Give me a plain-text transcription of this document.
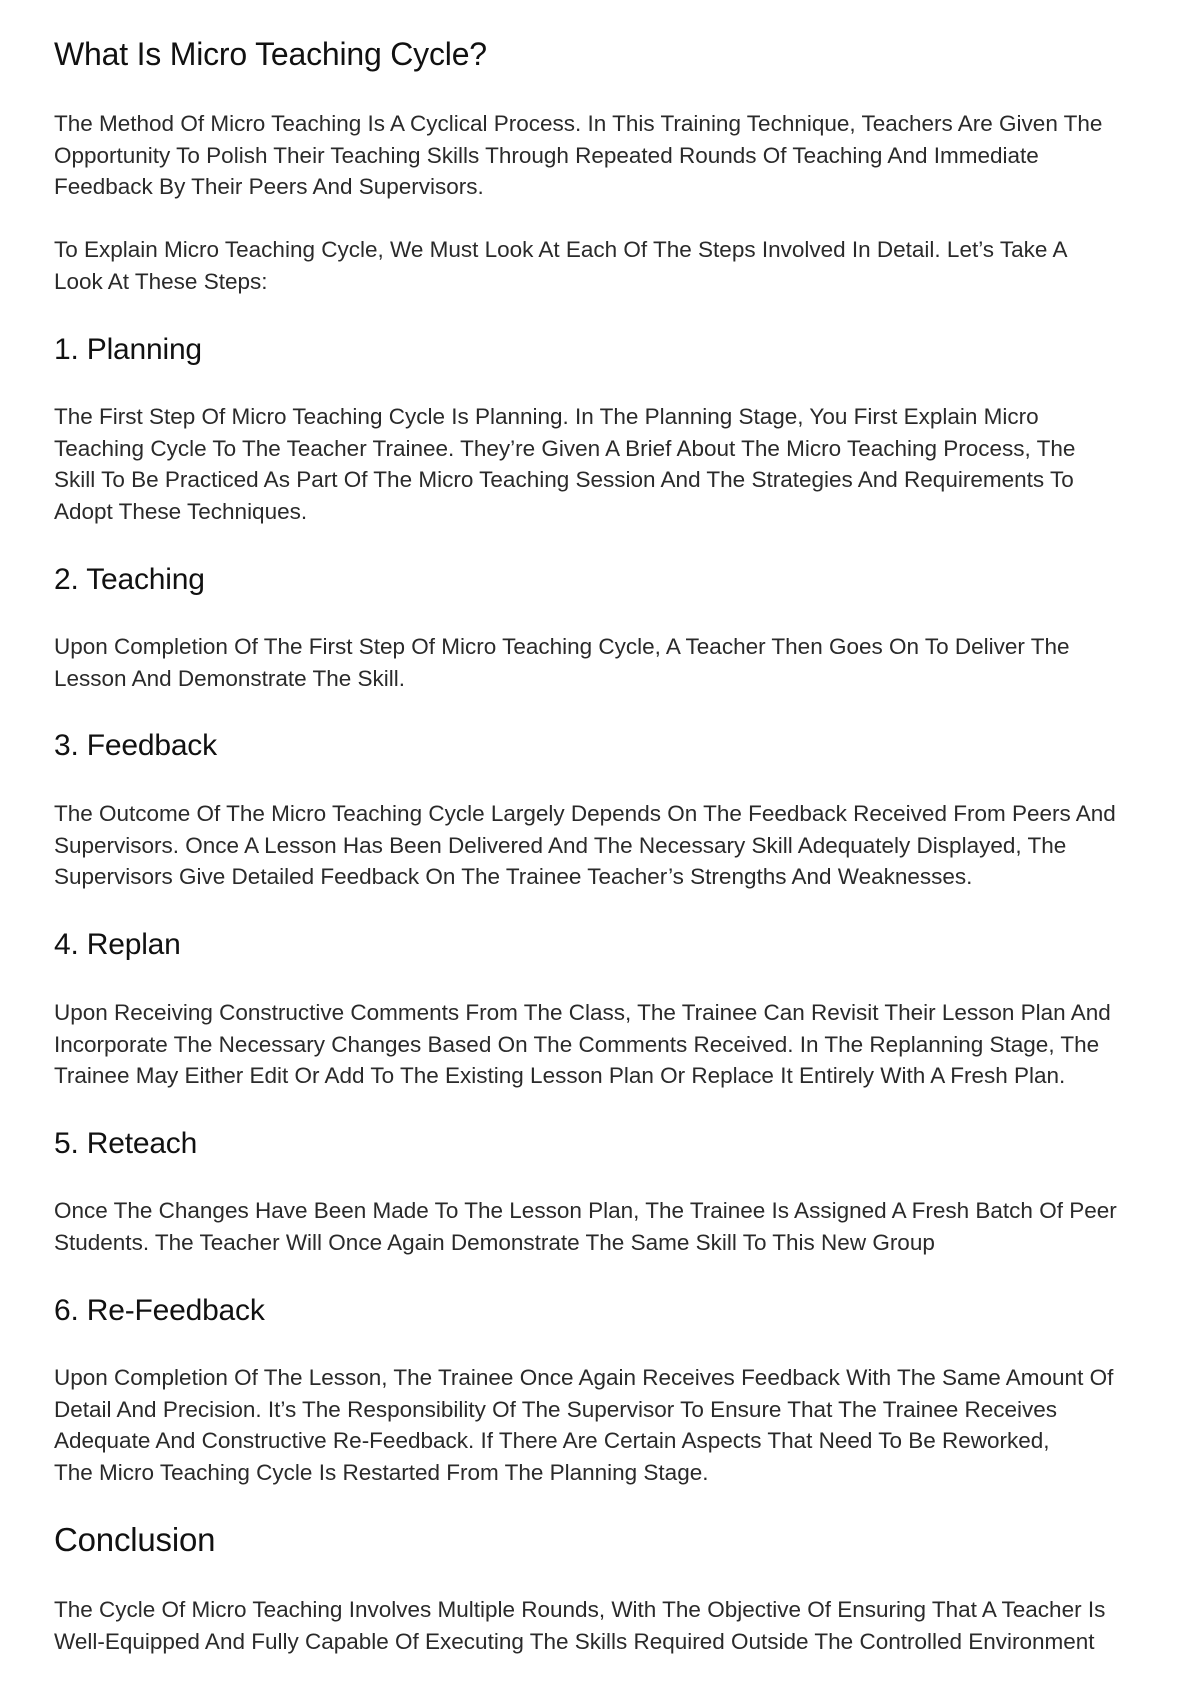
What Is Micro Teaching Cycle?

The Method Of Micro Teaching Is A Cyclical Process. In This Training Technique, Teachers Are Given The
Opportunity To Polish Their Teaching Skills Through Repeated Rounds Of Teaching And Immediate
Feedback By Their Peers And Supervisors.

To Explain Micro Teaching Cycle, We Must Look At Each Of The Steps Involved In Detail. Let’s Take A
Look At These Steps:

1. Planning

The First Step Of Micro Teaching Cycle Is Planning. In The Planning Stage, You First Explain Micro
Teaching Cycle To The Teacher Trainee. They’re Given A Brief About The Micro Teaching Process, The
Skill To Be Practiced As Part Of The Micro Teaching Session And The Strategies And Requirements To
Adopt These Techniques.

2. Teaching

Upon Completion Of The First Step Of Micro Teaching Cycle, A Teacher Then Goes On To Deliver The
Lesson And Demonstrate The Skill.

3. Feedback

The Outcome Of The Micro Teaching Cycle Largely Depends On The Feedback Received From Peers And
Supervisors. Once A Lesson Has Been Delivered And The Necessary Skill Adequately Displayed, The
Supervisors Give Detailed Feedback On The Trainee Teacher’s Strengths And Weaknesses.

4. Replan

Upon Receiving Constructive Comments From The Class, The Trainee Can Revisit Their Lesson Plan And
Incorporate The Necessary Changes Based On The Comments Received. In The Replanning Stage, The
Trainee May Either Edit Or Add To The Existing Lesson Plan Or Replace It Entirely With A Fresh Plan.

5. Reteach

Once The Changes Have Been Made To The Lesson Plan, The Trainee Is Assigned A Fresh Batch Of Peer
Students. The Teacher Will Once Again Demonstrate The Same Skill To This New Group

6. Re-Feedback

Upon Completion Of The Lesson, The Trainee Once Again Receives Feedback With The Same Amount Of
Detail And Precision. It’s The Responsibility Of The Supervisor To Ensure That The Trainee Receives
Adequate And Constructive Re-Feedback. If There Are Certain Aspects That Need To Be Reworked,
The Micro Teaching Cycle Is Restarted From The Planning Stage.

Conclusion

The Cycle Of Micro Teaching Involves Multiple Rounds, With The Objective Of Ensuring That A Teacher Is
Well-Equipped And Fully Capable Of Executing The Skills Required Outside The Controlled Environment
